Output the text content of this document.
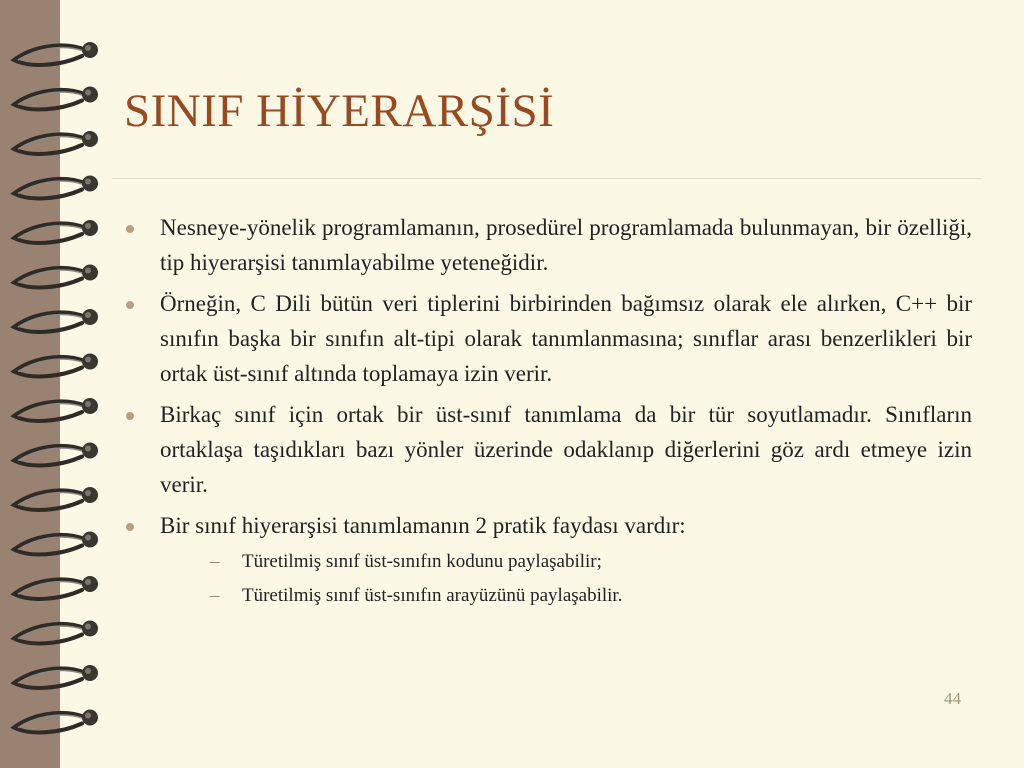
SINIF HİYERARŞİSİ
Nesneye-yönelik programlamanın, prosedürel programlamada bulunmayan, bir özelliği, tip hiyerarşisi tanımlayabilme yeteneğidir.
Örneğin, C Dili bütün veri tiplerini birbirinden bağımsız olarak ele alırken, C++ bir sınıfın başka bir sınıfın alt-tipi olarak tanımlanmasına; sınıflar arası benzerlikleri bir ortak üst-sınıf altında toplamaya izin verir.
Birkaç sınıf için ortak bir üst-sınıf tanımlama da bir tür soyutlamadır. Sınıfların ortaklaşa taşıdıkları bazı yönler üzerinde odaklanıp diğerlerini göz ardı etmeye izin verir.
Bir sınıf hiyerarşisi tanımlamanın 2 pratik faydası vardır:
– Türetilmiş sınıf üst-sınıfın kodunu paylaşabilir;
– Türetilmiş sınıf üst-sınıfın arayüzünü paylaşabilir.
44
